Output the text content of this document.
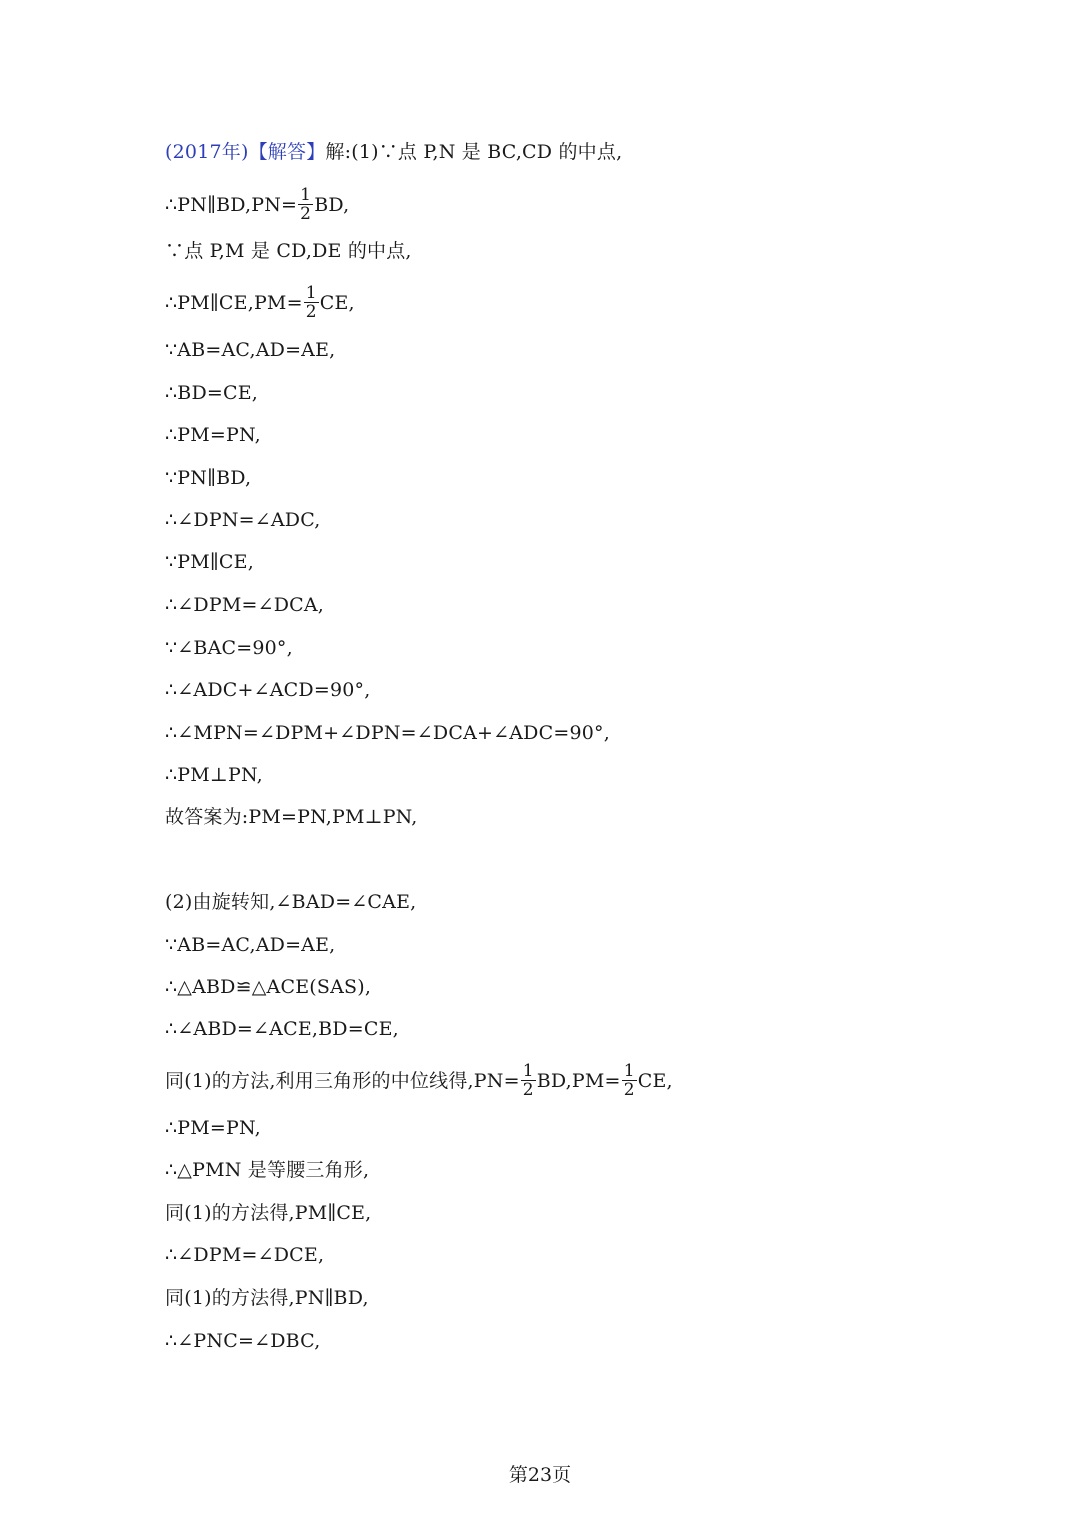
(2017年)【解答】解:(1)∵点 P,N 是 BC,CD 的中点,
∴PN∥BD,PN= $\frac{1}{2}$ BD,
∵点 P,M 是 CD,DE 的中点,
∴PM∥CE,PM= $\frac{1}{2}$ CE,
∵AB=AC,AD=AE,
∴BD=CE,
∴PM=PN,
∵PN∥BD,
∴∠DPN=∠ADC,
∵PM∥CE,
∴∠DPM=∠DCA,
∵∠BAC=90°,
∴∠ADC+∠ACD=90°,
∴∠MPN=∠DPM+∠DPN=∠DCA+∠ADC=90°,
∴PM⊥PN,
故答案为:PM=PN,PM⊥PN,
(2)由旋转知,∠BAD=∠CAE,
∵AB=AC,AD=AE,
∴△ABD≌△ACE(SAS),
∴∠ABD=∠ACE,BD=CE,
同(1)的方法,利用三角形的中位线得$,PN= \frac{1}{2} BD,PM= \frac{1}{2}$ CE,
∴PM=PN,
∴△PMN 是等腰三角形,
同(1)的方法得,PM∥CE,
∴∠DPM=∠DCE,
同(1)的方法得,PN∥BD,
∴∠PNC=∠DBC,
第23页
